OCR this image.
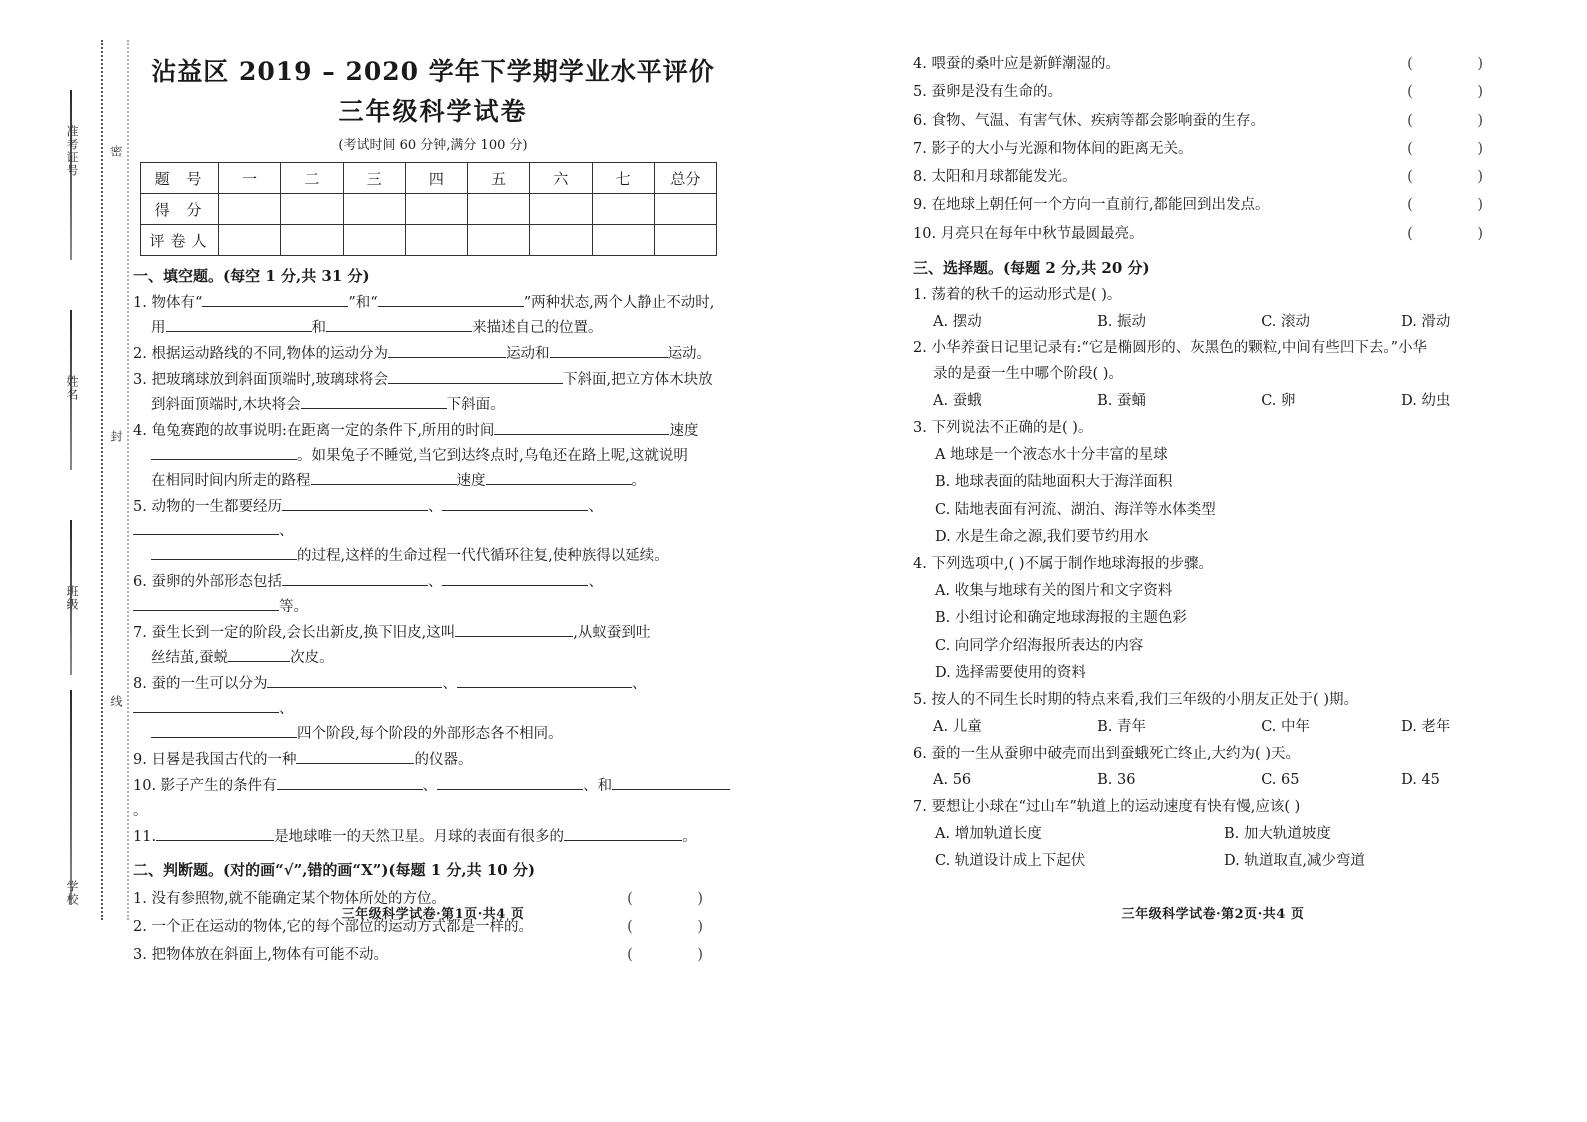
准考证号
姓名
班级
学校
密
封
线
沾益区 2019 – 2020 学年下学期学业水平评价
三年级科学试卷
(考试时间 60 分钟,满分 100 分)
题 号	一	二	三	四	五	六	七	总分
得 分								
评卷人								
一、填空题。(每空 1 分,共 31 分)
1. 物体有“	”和“	”两种状态,两个人静止不动时,
用	和	来描述自己的位置。
2. 根据运动路线的不同,物体的运动分为	运动和	运动。
3. 把玻璃球放到斜面顶端时,玻璃球将会	下斜面,把立方体木块放
到斜面顶端时,木块将会	下斜面。
4. 龟兔赛跑的故事说明:在距离一定的条件下,所用的时间	速度
。如果兔子不睡觉,当它到达终点时,乌龟还在路上呢,这就说明
在相同时间内所走的路程	速度	。
5. 动物的一生都要经历	、	、、
的过程,这样的生命过程一代代循环往复,使种族得以延续。
6. 蚕卵的外部形态包括	、	、等。
7. 蚕生长到一定的阶段,会长出新皮,换下旧皮,这叫	,从蚁蚕到吐
丝结茧,蚕蜕	次皮。
8. 蚕的一生可以分为	、	、、
四个阶段,每个阶段的外部形态各不相同。
9. 日晷是我国古代的一种	的仪器。
10. 影子产生的条件有	、	、和。
11.	是地球唯一的天然卫星。月球的表面有很多的	。
二、判断题。(对的画“√”,错的画“X”)(每题 1 分,共 10 分)
1. 没有参照物,就不能确定某个物体所处的方位。	( )
2. 一个正在运动的物体,它的每个部位的运动方式都是一样的。	( )
3. 把物体放在斜面上,物体有可能不动。	( )
三年级科学试卷·第1页·共4 页
4. 喂蚕的桑叶应是新鲜潮湿的。	( )
5. 蚕卵是没有生命的。	( )
6. 食物、气温、有害气休、疾病等都会影响蚕的生存。	( )
7. 影子的大小与光源和物体间的距离无关。	( )
8. 太阳和月球都能发光。	( )
9. 在地球上朝任何一个方向一直前行,都能回到出发点。	( )
10. 月亮只在每年中秋节最圆最亮。	( )
三、选择题。(每题 2 分,共 20 分)
1. 荡着的秋千的运动形式是( )。
A. 摆动	B. 振动	C. 滚动	D. 滑动
2. 小华养蚕日记里记录有:“它是椭圆形的、灰黑色的颗粒,中间有些凹下去。”小华
录的是蚕一生中哪个阶段( )。
A. 蚕蛾	B. 蚕蛹	C. 卵	D. 幼虫
3. 下列说法不正确的是( )。
A 地球是一个液态水十分丰富的星球
B. 地球表面的陆地面积大于海洋面积
C. 陆地表面有河流、湖泊、海洋等水体类型
D. 水是生命之源,我们要节约用水
4. 下列选项中,( )不属于制作地球海报的步骤。
A. 收集与地球有关的图片和文字资料
B. 小组讨论和确定地球海报的主题色彩
C. 向同学介绍海报所表达的内容
D. 选择需要使用的资料
5. 按人的不同生长时期的特点来看,我们三年级的小朋友正处于( )期。
A. 儿童	B. 青年	C. 中年	D. 老年
6. 蚕的一生从蚕卵中破壳而出到蚕蛾死亡终止,大约为( )天。
A. 56	B. 36	C. 65	D. 45
7. 要想让小球在“过山车”轨道上的运动速度有快有慢,应该( )
A. 增加轨道长度	B. 加大轨道坡度
C. 轨道设计成上下起伏	D. 轨道取直,减少弯道
三年级科学试卷·第2页·共4 页
